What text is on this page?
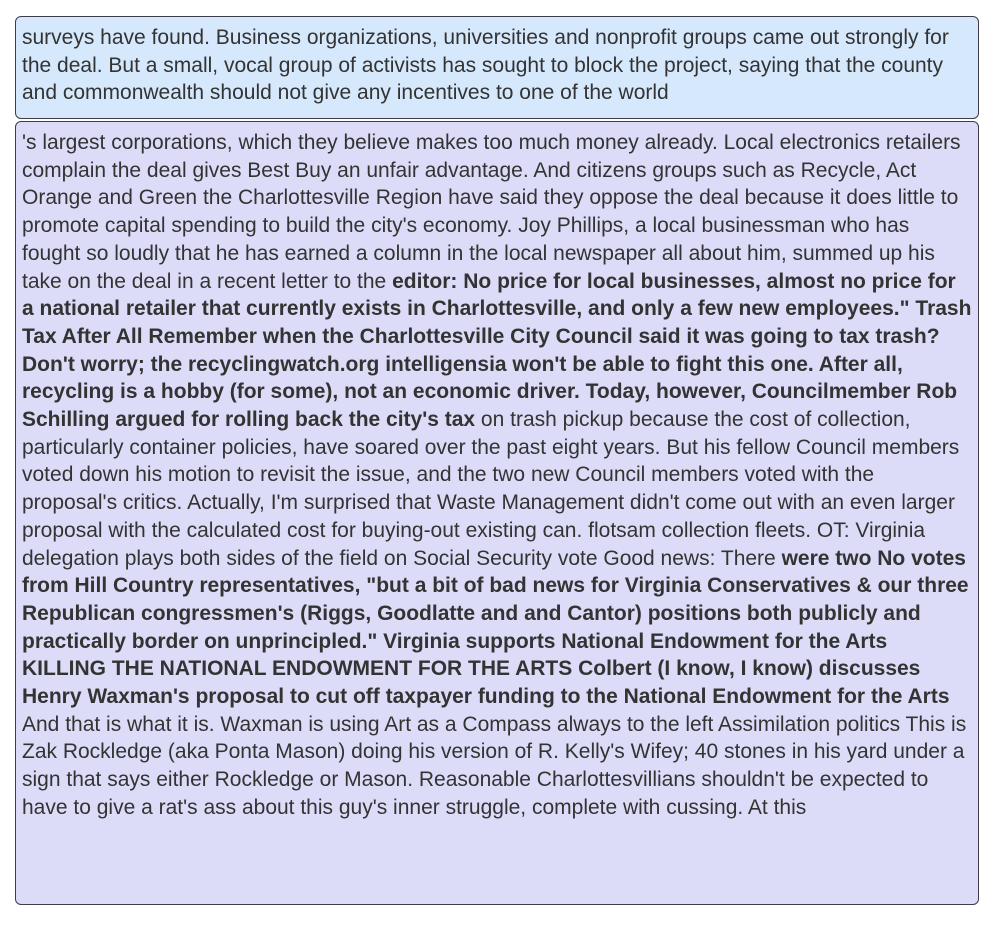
surveys have found. Business organizations, universities and nonprofit groups came out strongly for the deal. But a small, vocal group of activists has sought to block the project, saying that the county and commonwealth should not give any incentives to one of the world

's largest corporations, which they believe makes too much money already. Local electronics retailers complain the deal gives Best Buy an unfair advantage. And citizens groups such as Recycle, Act Orange and Green the Charlottesville Region have said they oppose the deal because it does little to promote capital spending to build the city's economy. Joy Phillips, a local businessman who has fought so loudly that he has earned a column in the local newspaper all about him, summed up his take on the deal in a recent letter to the editor: No price for local businesses, almost no price for a national retailer that currently exists in Charlottesville, and only a few new employees." Trash Tax After All Remember when the Charlottesville City Council said it was going to tax trash? Don't worry; the recyclingwatch.org intelligensia won't be able to fight this one. After all, recycling is a hobby (for some), not an economic driver. Today, however, Councilmember Rob Schilling argued for rolling back the city's tax on trash pickup because the cost of collection, particularly container policies, have soared over the past eight years. But his fellow Council members voted down his motion to revisit the issue, and the two new Council members voted with the proposal's critics. Actually, I'm surprised that Waste Management didn't come out with an even larger proposal with the calculated cost for buying-out existing can. flotsam collection fleets. OT: Virginia delegation plays both sides of the field on Social Security vote Good news: There were two No votes from Hill Country representatives, "but a bit of bad news for Virginia Conservatives & our three Republican congressmen's (Riggs, Goodlatte and and Cantor) positions both publicly and practically border on unprincipled." Virginia supports National Endowment for the Arts KILLING THE NATIONAL ENDOWMENT FOR THE ARTS Colbert (I know, I know) discusses Henry Waxman's proposal to cut off taxpayer funding to the National Endowment for the Arts And that is what it is. Waxman is using Art as a Compass always to the left Assimilation politics This is Zak Rockledge (aka Ponta Mason) doing his version of R. Kelly's Wifey; 40 stones in his yard under a sign that says either Rockledge or Mason. Reasonable Charlottesvillians shouldn't be expected to have to give a rat's ass about this guy's inner struggle, complete with cussing. At this
